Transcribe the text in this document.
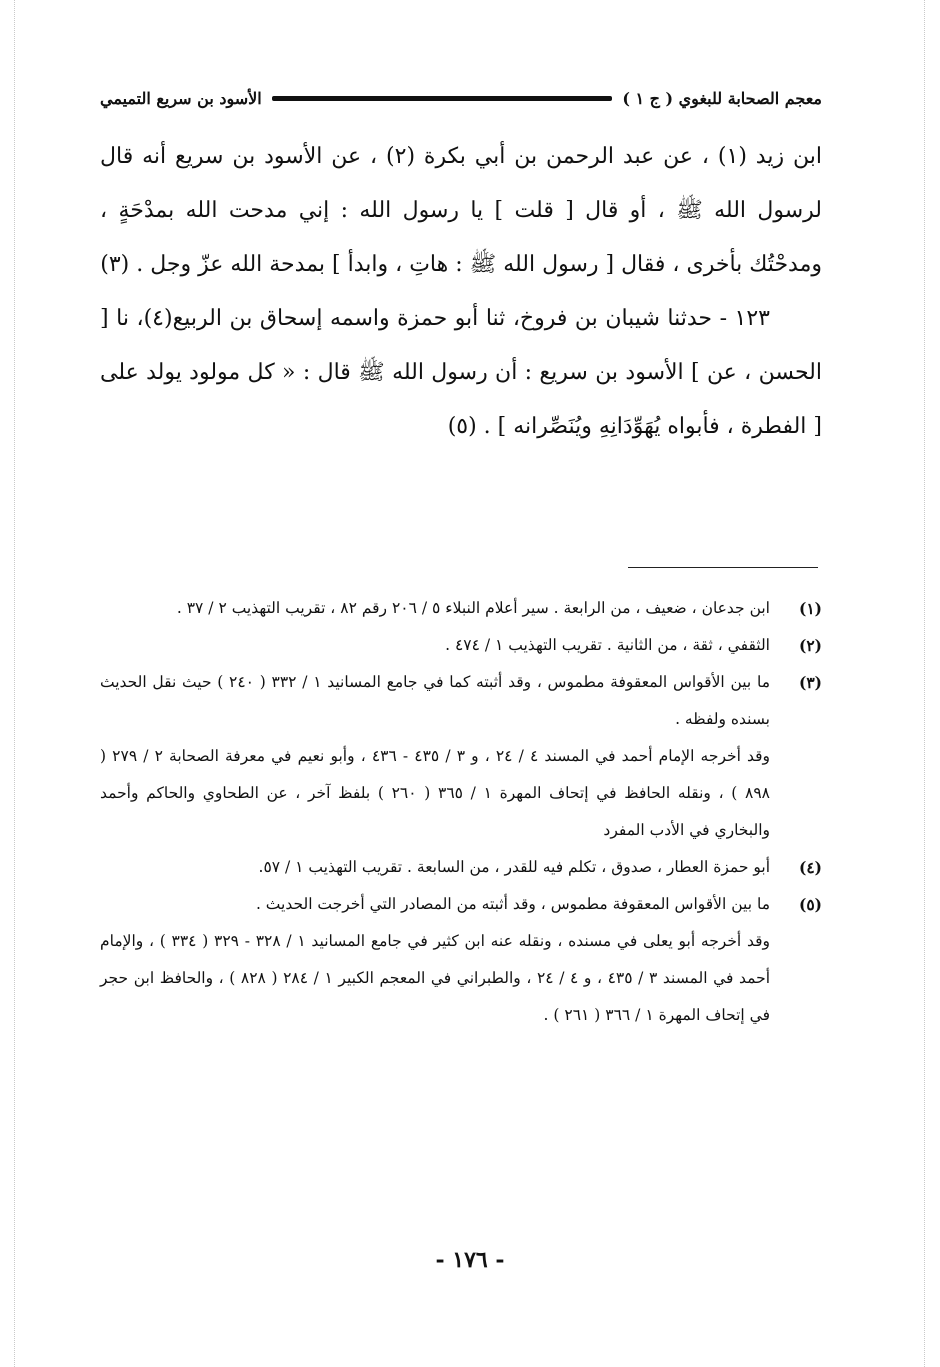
معجم الصحابة للبغوي ( ج ١ )
الأسود بن سريع التميمي

ابن زيد (١) ، عن عبد الرحمن بن أبي بكرة (٢) ، عن الأسود بن سريع أنه قال لرسول الله ﷺ ، أو قال [ قلت ] يا رسول الله : إني مدحت الله بمدْحَةٍ ، ومدحْتُك بأخرى ، فقال [ رسول الله ﷺ : هاتِ ، وابدأ ] بمدحة الله عزّ وجل . (٣)

١٢٣ - حدثنا شيبان بن فروخ، ثنا أبو حمزة واسمه إسحاق بن الربيع(٤)، نا [ الحسن ، عن ] الأسود بن سريع : أن رسول الله ﷺ قال : « كل مولود يولد على [ الفطرة ، فأبواه يُهَوِّدَانِهِ ويُنَصِّرانه ] . (٥)

(١)
ابن جدعان ، ضعيف ، من الرابعة . سير أعلام النبلاء ٥ / ٢٠٦ رقم ٨٢ ، تقريب التهذيب ٢ / ٣٧ .
(٢)
الثقفي ، ثقة ، من الثانية . تقريب التهذيب ١ / ٤٧٤ .
(٣)
ما بين الأقواس المعقوفة مطموس ، وقد أثبته كما في جامع المسانيد ١ / ٣٣٢ ( ٢٤٠ ) حيث نقل الحديث بسنده ولفظه .
وقد أخرجه الإمام أحمد في المسند ٤ / ٢٤ ، و ٣ / ٤٣٥ - ٤٣٦ ، وأبو نعيم في معرفة الصحابة ٢ / ٢٧٩ ( ٨٩٨ ) ، ونقله الحافظ في إتحاف المهرة ١ / ٣٦٥ ( ٢٦٠ ) بلفظ آخر ، عن الطحاوي والحاكم وأحمد والبخاري في الأدب المفرد
(٤)
أبو حمزة العطار ، صدوق ، تكلم فيه للقدر ، من السابعة . تقريب التهذيب ١ / ٥٧.
(٥)
ما بين الأقواس المعقوفة مطموس ، وقد أثبته من المصادر التي أخرجت الحديث .
وقد أخرجه أبو يعلى في مسنده ، ونقله عنه ابن كثير في جامع المسانيد ١ / ٣٢٨ - ٣٢٩ ( ٣٣٤ ) ، والإمام أحمد في المسند ٣ / ٤٣٥ ، و ٤ / ٢٤ ، والطبراني في المعجم الكبير ١ / ٢٨٤ ( ٨٢٨ ) ، والحافظ ابن حجر في إتحاف المهرة ١ / ٣٦٦ ( ٢٦١ ) .
- ١٧٦ -
